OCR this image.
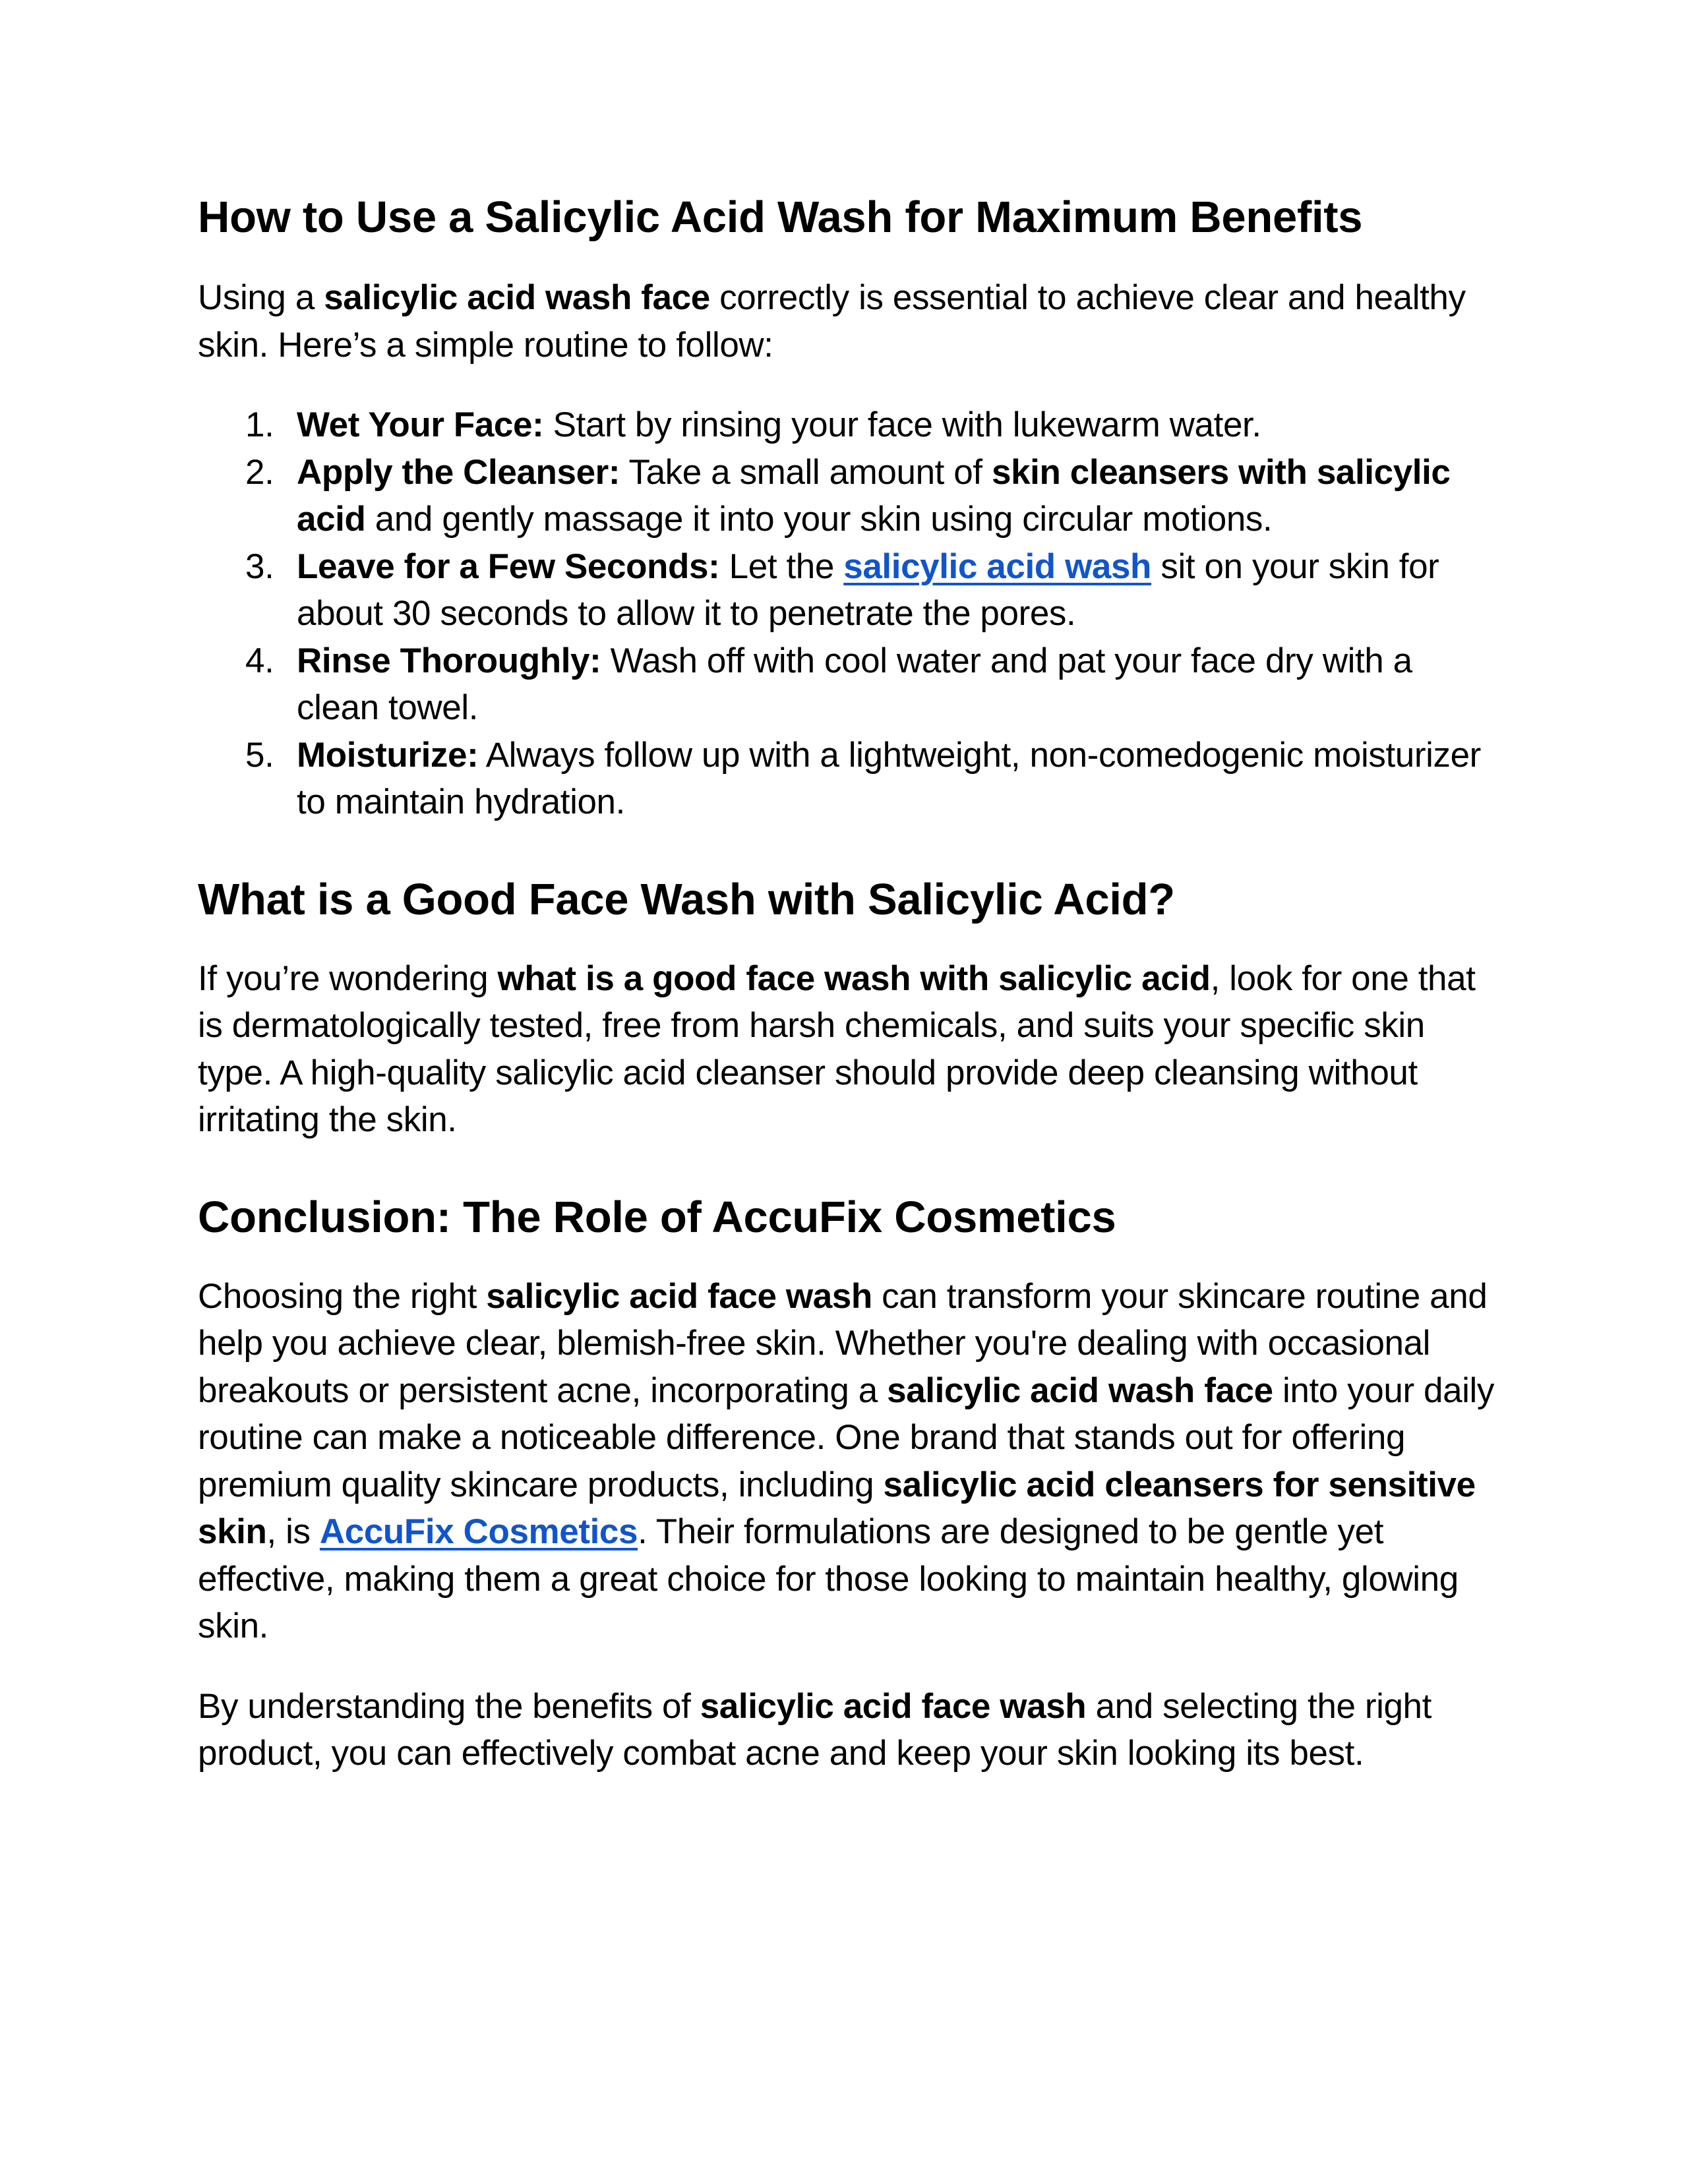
How to Use a Salicylic Acid Wash for Maximum Benefits

Using a salicylic acid wash face correctly is essential to achieve clear and healthy skin. Here’s a simple routine to follow:

1. Wet Your Face: Start by rinsing your face with lukewarm water.
2. Apply the Cleanser: Take a small amount of skin cleansers with salicylic acid and gently massage it into your skin using circular motions.
3. Leave for a Few Seconds: Let the salicylic acid wash sit on your skin for about 30 seconds to allow it to penetrate the pores.
4. Rinse Thoroughly: Wash off with cool water and pat your face dry with a clean towel.
5. Moisturize: Always follow up with a lightweight, non-comedogenic moisturizer to maintain hydration.
What is a Good Face Wash with Salicylic Acid?

If you’re wondering what is a good face wash with salicylic acid, look for one that is dermatologically tested, free from harsh chemicals, and suits your specific skin type. A high-quality salicylic acid cleanser should provide deep cleansing without irritating the skin.

Conclusion: The Role of AccuFix Cosmetics

Choosing the right salicylic acid face wash can transform your skincare routine and help you achieve clear, blemish-free skin. Whether you're dealing with occasional breakouts or persistent acne, incorporating a salicylic acid wash face into your daily routine can make a noticeable difference. One brand that stands out for offering premium quality skincare products, including salicylic acid cleansers for sensitive skin, is AccuFix Cosmetics. Their formulations are designed to be gentle yet effective, making them a great choice for those looking to maintain healthy, glowing skin.

By understanding the benefits of salicylic acid face wash and selecting the right product, you can effectively combat acne and keep your skin looking its best.
